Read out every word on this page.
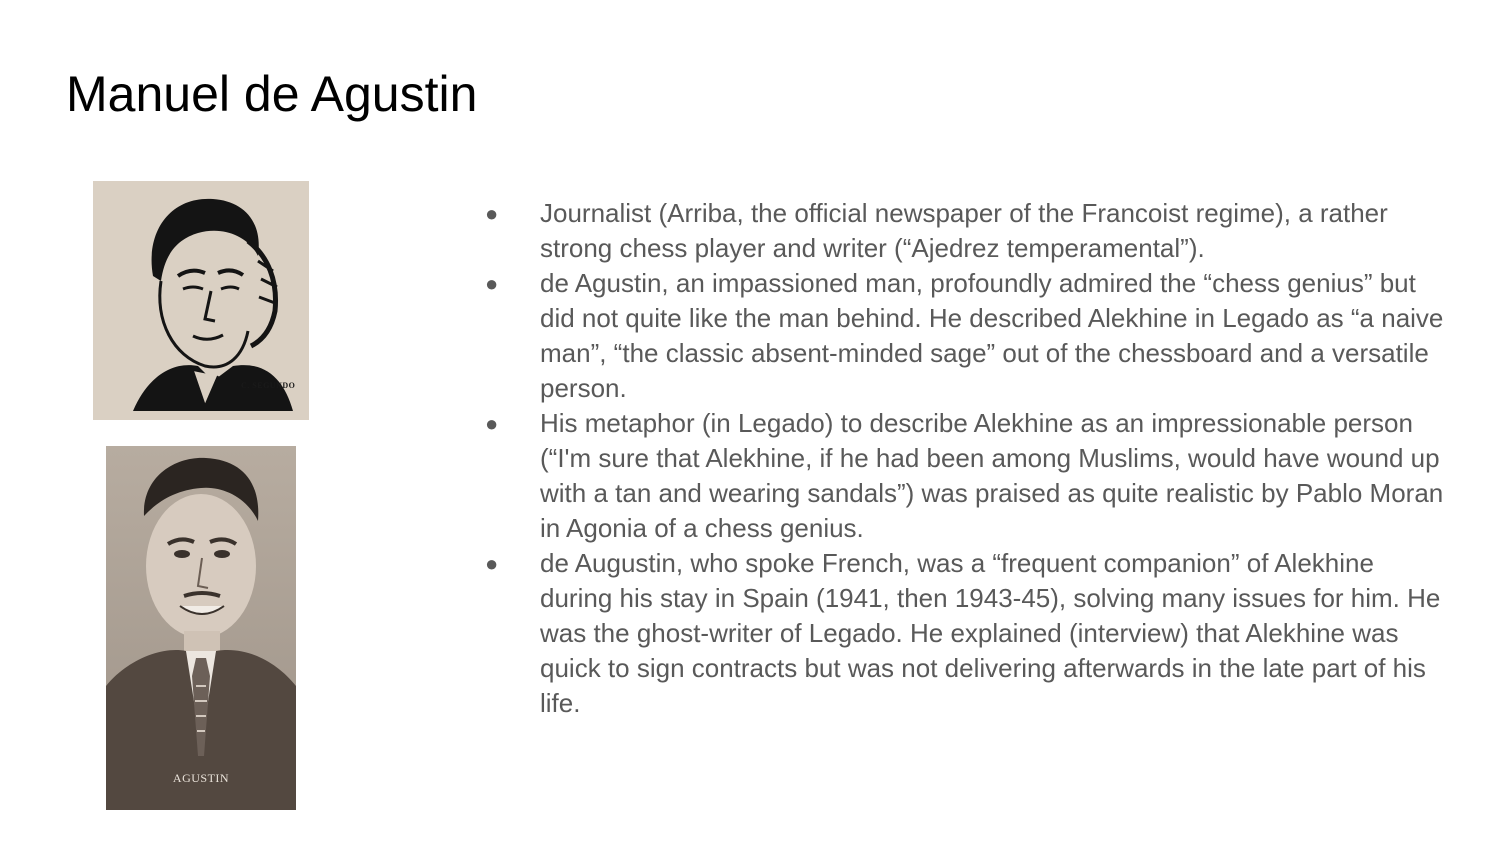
Manuel de Agustin
C. SEGUNDO
AGUSTIN
● Journalist (Arriba, the official newspaper of the Francoist regime), a rather strong chess player and writer (“Ajedrez temperamental”).
● de Agustin, an impassioned man, profoundly admired the “chess genius” but did not quite like the man behind. He described Alekhine in Legado as “a naive man”, “the classic absent-minded sage” out of the chessboard and a versatile person.
● His metaphor (in Legado) to describe Alekhine as an impressionable person (“I'm sure that Alekhine, if he had been among Muslims, would have wound up with a tan and wearing sandals”) was praised as quite realistic by Pablo Moran in Agonia of a chess genius.
● de Augustin, who spoke French, was a “frequent companion” of Alekhine during his stay in Spain (1941, then 1943-45), solving many issues for him. He was the ghost-writer of Legado. He explained (interview) that Alekhine was quick to sign contracts but was not delivering afterwards in the late part of his life.
